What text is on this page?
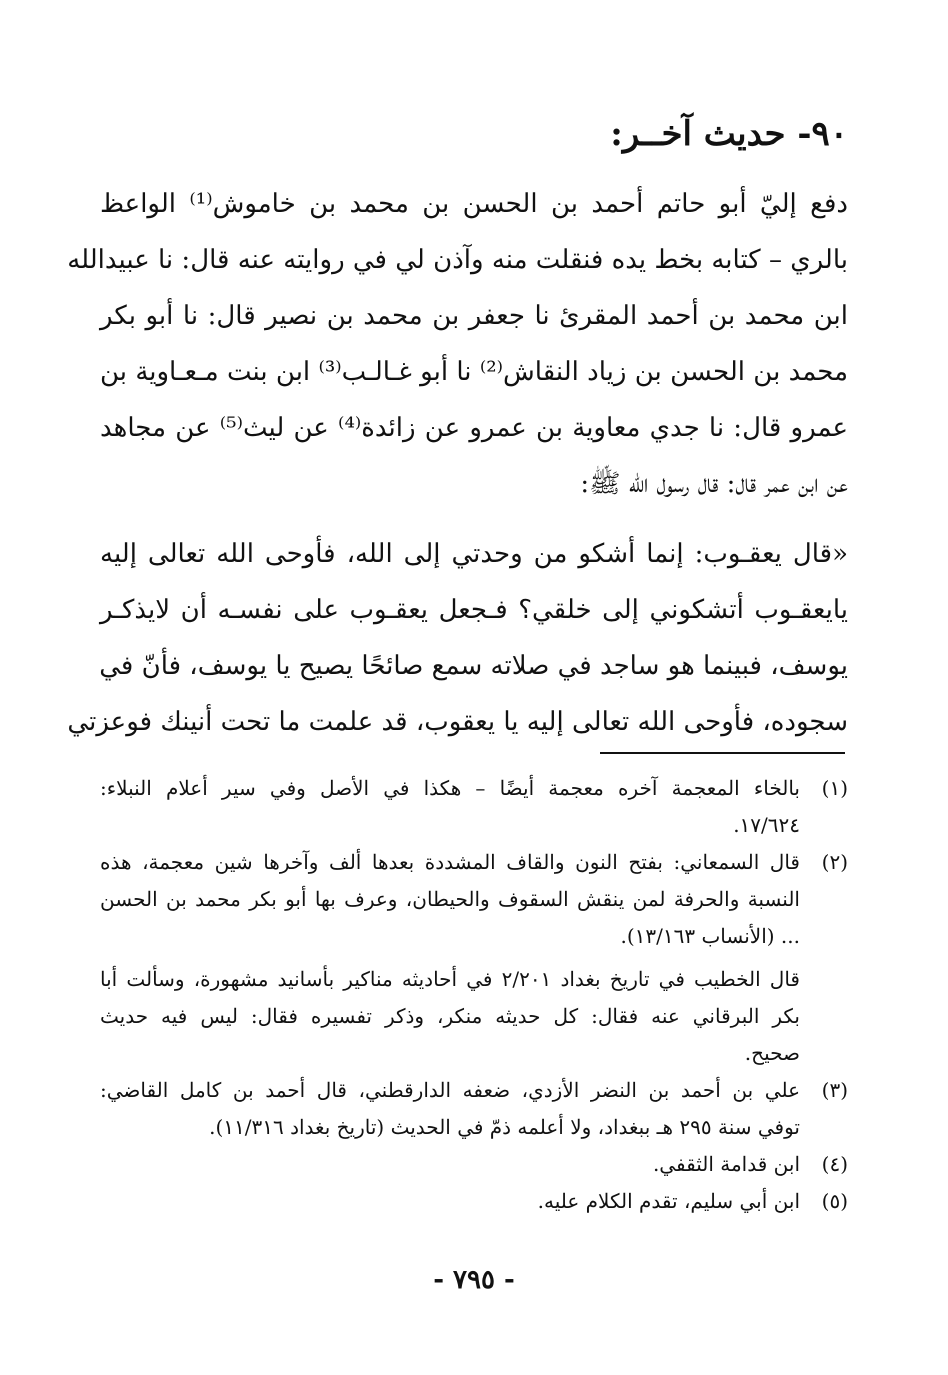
٩٠- حديث آخــر:

دفع إليّ أبو حاتم أحمد بن الحسن بن محمد بن خاموش⁽¹⁾ الواعظ

بالري – كتابه بخط يده فنقلت منه وآذن لي في روايته عنه قال: نا عبيدالله

ابن محمد بن أحمد المقرئ نا جعفر بن محمد بن نصير قال: نا أبو بكر

محمد بن الحسن بن زياد النقاش⁽²⁾ نا أبو غـالـب⁽³⁾ ابن بنت مـعـاوية بن

عمرو قال: نا جدي معاوية بن عمرو عن زائدة⁽⁴⁾ عن ليث⁽⁵⁾ عن مجاهد

عن ابن عمر قال: قال رسول الله ﷺ:

«قال يعقـوب: إنما أشكو من وحدتي إلى الله، فأوحى الله تعالى إليه

يايعقـوب أتشكوني إلى خلقي؟ فـجعل يعقـوب على نفسـه أن لايذكـر

يوسف، فبينما هو ساجد في صلاته سمع صائحًا يصيح يا يوسف، فأنّ في

سجوده، فأوحى الله تعالى إليه يا يعقوب، قد علمت ما تحت أنينك فوعزتي

(١)
بالخاء المعجمة آخره معجمة أيضًا – هكذا في الأصل وفي سير أعلام النبلاء:
١٧/٦٢٤.
(٢)
قال السمعاني: بفتح النون والقاف المشددة بعدها ألف وآخرها شين معجمة، هذه
النسبة والحرفة لمن ينقش السقوف والحيطان، وعرف بها أبو بكر محمد بن الحسن
... (الأنساب ١٣/١٦٣).
قال الخطيب في تاريخ بغداد ٢/٢٠١ في أحاديثه مناكير بأسانيد مشهورة، وسألت أبا
بكر البرقاني عنه فقال: كل حديثه منكر، وذكر تفسيره فقال: ليس فيه حديث
صحيح.
(٣)
علي بن أحمد بن النضر الأزدي، ضعفه الدارقطني، قال أحمد بن كامل القاضي:
توفي سنة ٢٩٥ هـ ببغداد، ولا أعلمه ذمّ في الحديث (تاريخ بغداد ١١/٣١٦).
(٤)
ابن قدامة الثقفي.
(٥)
ابن أبي سليم، تقدم الكلام عليه.
- ٧٩٥ -
